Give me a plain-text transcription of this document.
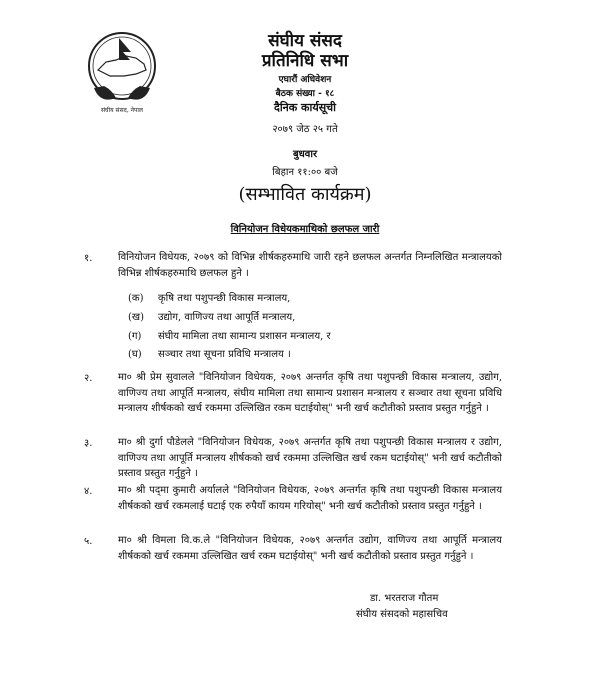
संघीय संसद, नेपाल
संघीय संसद
प्रतिनिधि सभा
एघारौं अधिवेशन
बैठक संख्या - १८
दैनिक कार्यसूची
२०७९ जेठ २५ गते
बुधवार
बिहान ११:०० बजे
(सम्भावित कार्यक्रम)
विनियोजन विधेयकमाथिको छलफल जारी
१.	विनियोजन विधेयक, २०७९ को विभिन्न शीर्षकहरुमाथि जारी रहने छलफल अन्तर्गत निम्नलिखित मन्त्रालयको विभिन्न शीर्षकहरुमाथि छलफल हुने ।
(क) कृषि तथा पशुपन्छी विकास मन्त्रालय,
(ख) उद्योग, वाणिज्य तथा आपूर्ति मन्त्रालय,
(ग) संघीय मामिला तथा सामान्य प्रशासन मन्त्रालय, र
(घ) सञ्चार तथा सूचना प्रविधि मन्त्रालय ।
२.	मा० श्री प्रेम सुवालले "विनियोजन विधेयक, २०७९ अन्तर्गत कृषि तथा पशुपन्छी विकास मन्त्रालय, उद्योग, वाणिज्य तथा आपूर्ति मन्त्रालय, संघीय मामिला तथा सामान्य प्रशासन मन्त्रालय र सञ्चार तथा सूचना प्रविधि मन्त्रालय शीर्षकको खर्च रकममा उल्लिखित रकम घटाईयोस्" भनी खर्च कटौतीको प्रस्ताव प्रस्तुत गर्नुहुने ।
३.	मा० श्री दुर्गा पौडेलले "विनियोजन विधेयक, २०७९ अन्तर्गत कृषि तथा पशुपन्छी विकास मन्त्रालय र उद्योग, वाणिज्य तथा आपूर्ति मन्त्रालय शीर्षकको खर्च रकममा उल्लिखित खर्च रकम घटाईयोस्" भनी खर्च कटौतीको प्रस्ताव प्रस्तुत गर्नुहुने ।
४.	मा० श्री पद्‌मा कुमारी अर्यालले "विनियोजन विधेयक, २०७९ अन्तर्गत कृषि तथा पशुपन्छी विकास मन्त्रालय शीर्षकको खर्च रकमलाई घटाई एक रुपैयाँ कायम गरियोस्" भनी खर्च कटौतीको प्रस्ताव प्रस्तुत गर्नुहुने ।
५.	मा० श्री विमला वि.क.ले "विनियोजन विधेयक, २०७९ अन्तर्गत उद्योग, वाणिज्य तथा आपूर्ति मन्त्रालय शीर्षकको खर्च रकममा उल्लिखित खर्च रकम घटाईयोस्" भनी खर्च कटौतीको प्रस्ताव प्रस्तुत गर्नुहुने ।
डा. भरतराज गौतम
संघीय संसदको महासचिव
